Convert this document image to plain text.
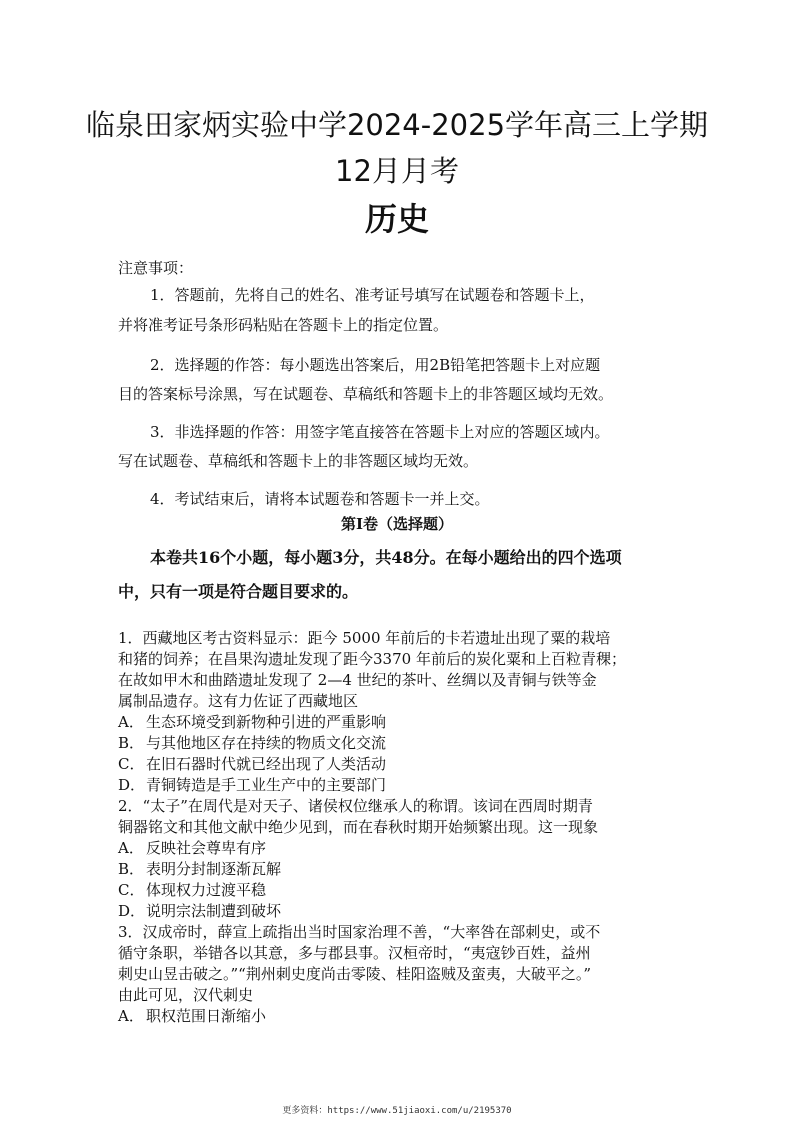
临泉田家炳实验中学2024-2025学年高三上学期
12月月考
历史
注意事项：
1．答题前，先将自己的姓名、准考证号填写在试题卷和答题卡上，
并将准考证号条形码粘贴在答题卡上的指定位置。
2．选择题的作答：每小题选出答案后，用2B铅笔把答题卡上对应题
目的答案标号涂黑，写在试题卷、草稿纸和答题卡上的非答题区域均无效。
3．非选择题的作答：用签字笔直接答在答题卡上对应的答题区域内。
写在试题卷、草稿纸和答题卡上的非答题区域均无效。
4．考试结束后，请将本试题卷和答题卡一并上交。
第Ⅰ卷（选择题）
本卷共16个小题，每小题3分，共48分。在每小题给出的四个选项
中，只有一项是符合题目要求的。
1．西藏地区考古资料显示：距今 5000 年前后的卡若遗址出现了粟的栽培
和猪的饲养；在昌果沟遗址发现了距今3370 年前后的炭化粟和上百粒青稞；
在故如甲木和曲踏遗址发现了 2—4 世纪的茶叶、丝绸以及青铜与铁等金
属制品遗存。这有力佐证了西藏地区
A． 生态环境受到新物种引进的严重影响
B． 与其他地区存在持续的物质文化交流
C． 在旧石器时代就已经出现了人类活动
D．青铜铸造是手工业生产中的主要部门
2．“太子”在周代是对天子、诸侯权位继承人的称谓。该词在西周时期青
铜器铭文和其他文献中绝少见到，而在春秋时期开始频繁出现。这一现象
A． 反映社会尊卑有序
B． 表明分封制逐渐瓦解
C． 体现权力过渡平稳
D．说明宗法制遭到破坏
3．汉成帝时，薛宣上疏指出当时国家治理不善，“大率咎在部刺史，或不
循守条职，举错各以其意，多与郡县事。汉桓帝时，“夷寇钞百姓，益州
刺史山昱击破之。”“荆州刺史度尚击零陵、桂阳盗贼及蛮夷，大破平之。”
由此可见，汉代刺史
A． 职权范围日渐缩小
更多资料：https://www.51jiaoxi.com/u/2195370
